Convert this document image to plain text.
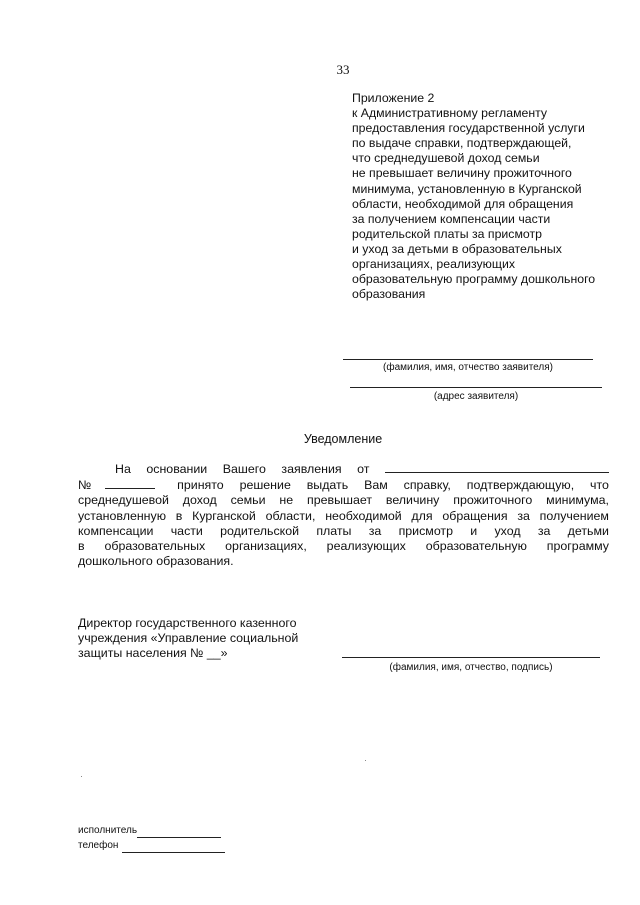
33
Приложение 2
к Административному регламенту
предоставления государственной услуги
по выдаче справки, подтверждающей,
что среднедушевой доход семьи
не превышает величину прожиточного
минимума, установленную в Курганской
области, необходимой для обращения
за получением компенсации части
родительской платы за присмотр
и уход за детьми в образовательных
организациях, реализующих
образовательную программу дошкольного
образования
(фамилия, имя, отчество заявителя)
(адрес заявителя)
Уведомление
На основании Вашего заявления от
№	принято решение выдать Вам справку, подтверждающую, что
среднедушевой доход семьи не превышает величину прожиточного минимума,
установленную в Курганской области, необходимой для обращения за получением
компенсации части родительской платы за присмотр и уход за детьми
в образовательных организациях, реализующих образовательную программу
дошкольного образования.
Директор государственного казенного
учреждения «Управление социальной
защиты населения № __»
(фамилия, имя, отчество, подпись)
исполнитель
телефон
